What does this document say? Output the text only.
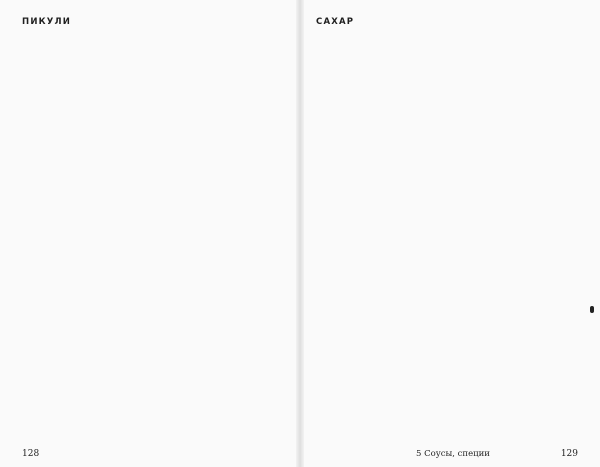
ПИКУЛИ
128
САХАР
5 Соусы, специи	129
